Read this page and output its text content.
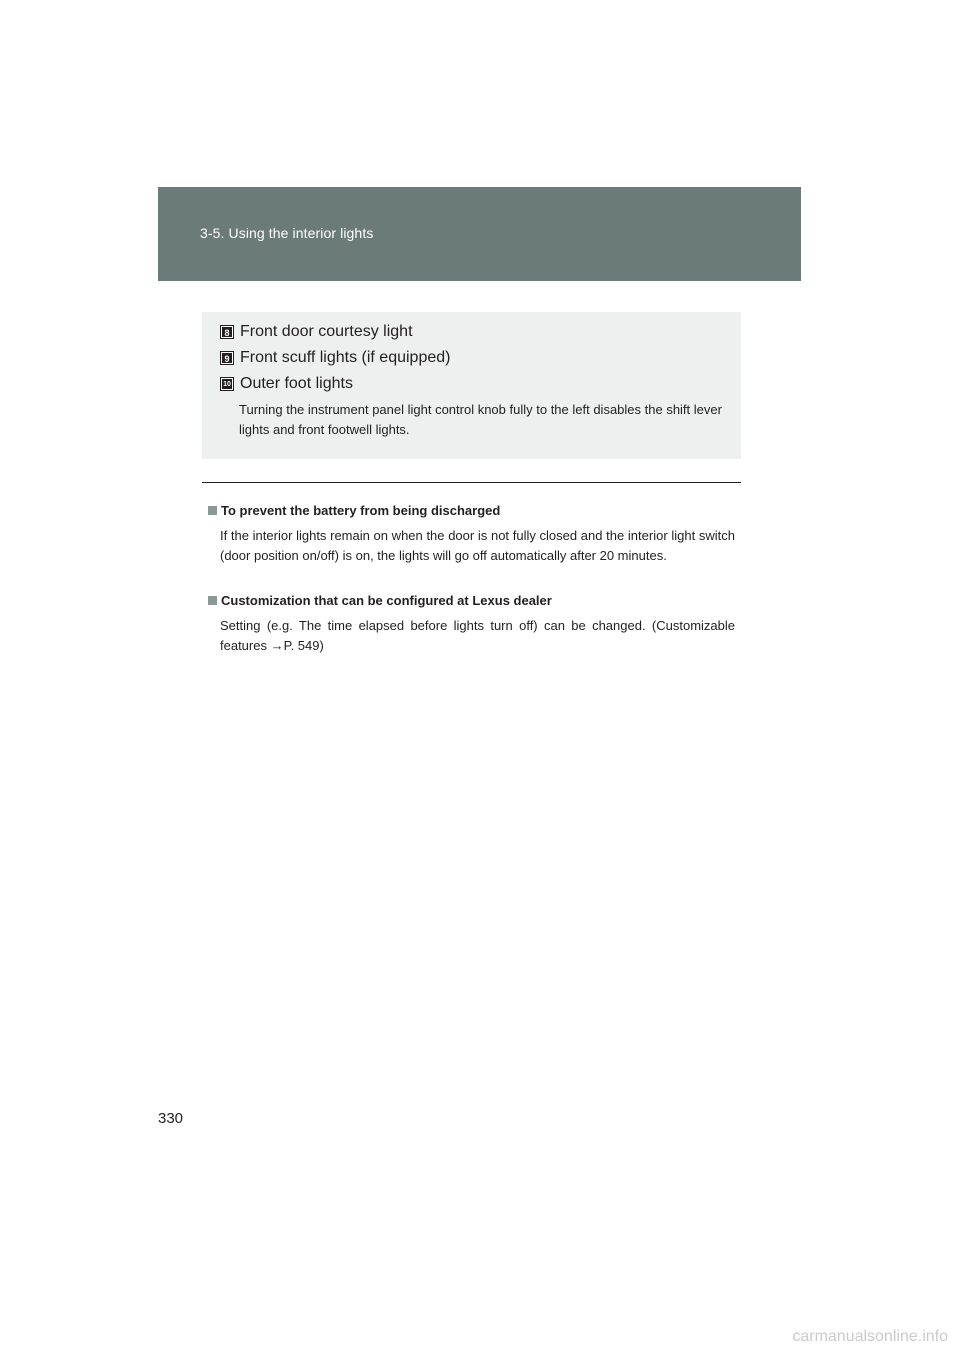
3-5. Using the interior lights
8 Front door courtesy light
9 Front scuff lights (if equipped)
10 Outer foot lights
Turning the instrument panel light control knob fully to the left disables the shift lever lights and front footwell lights.
To prevent the battery from being discharged
If the interior lights remain on when the door is not fully closed and the interior light switch (door position on/off) is on, the lights will go off automatically after 20 minutes.
Customization that can be configured at Lexus dealer
Setting (e.g. The time elapsed before lights turn off) can be changed. (Customizable features →P. 549)
330
carmanualsonline.info
